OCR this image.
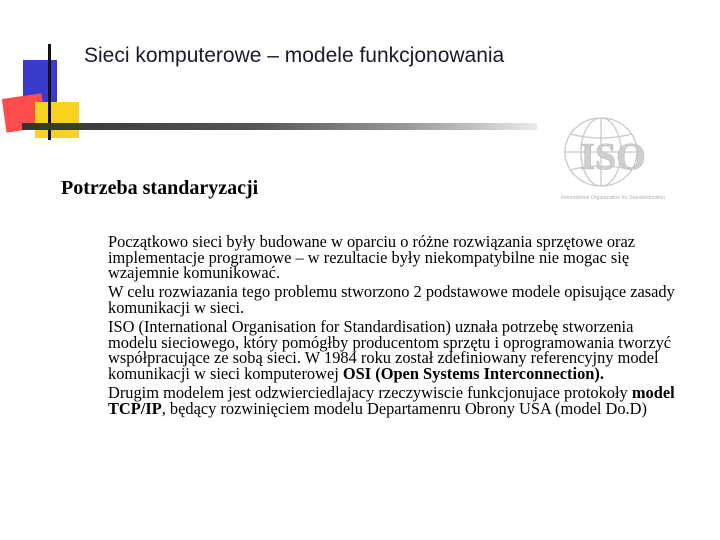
Sieci komputerowe – modele funkcjonowania
ISO
International Organization for Standardization
Potrzeba standaryzacji

Początkowo sieci były budowane w oparciu o różne rozwiązania sprzętowe oraz implementacje programowe – w rezultacie były niekompatybilne nie mogac się wzajemnie komunikować.

W celu rozwiazania tego problemu stworzono 2 podstawowe modele opisujące zasady komunikacji w sieci.

ISO (International Organisation for Standardisation) uznała potrzebę stworzenia modelu sieciowego, który pomógłby producentom sprzętu i oprogramowania tworzyć współpracujące ze sobą sieci. W 1984 roku został zdefiniowany referencyjny model komunikacji w sieci komputerowej OSI (Open Systems Interconnection).

Drugim modelem jest odzwierciedlajacy rzeczywiscie funkcjonujace protokoły model TCP/IP, będący rozwinięciem modelu Departamenru Obrony USA (model Do.D)
